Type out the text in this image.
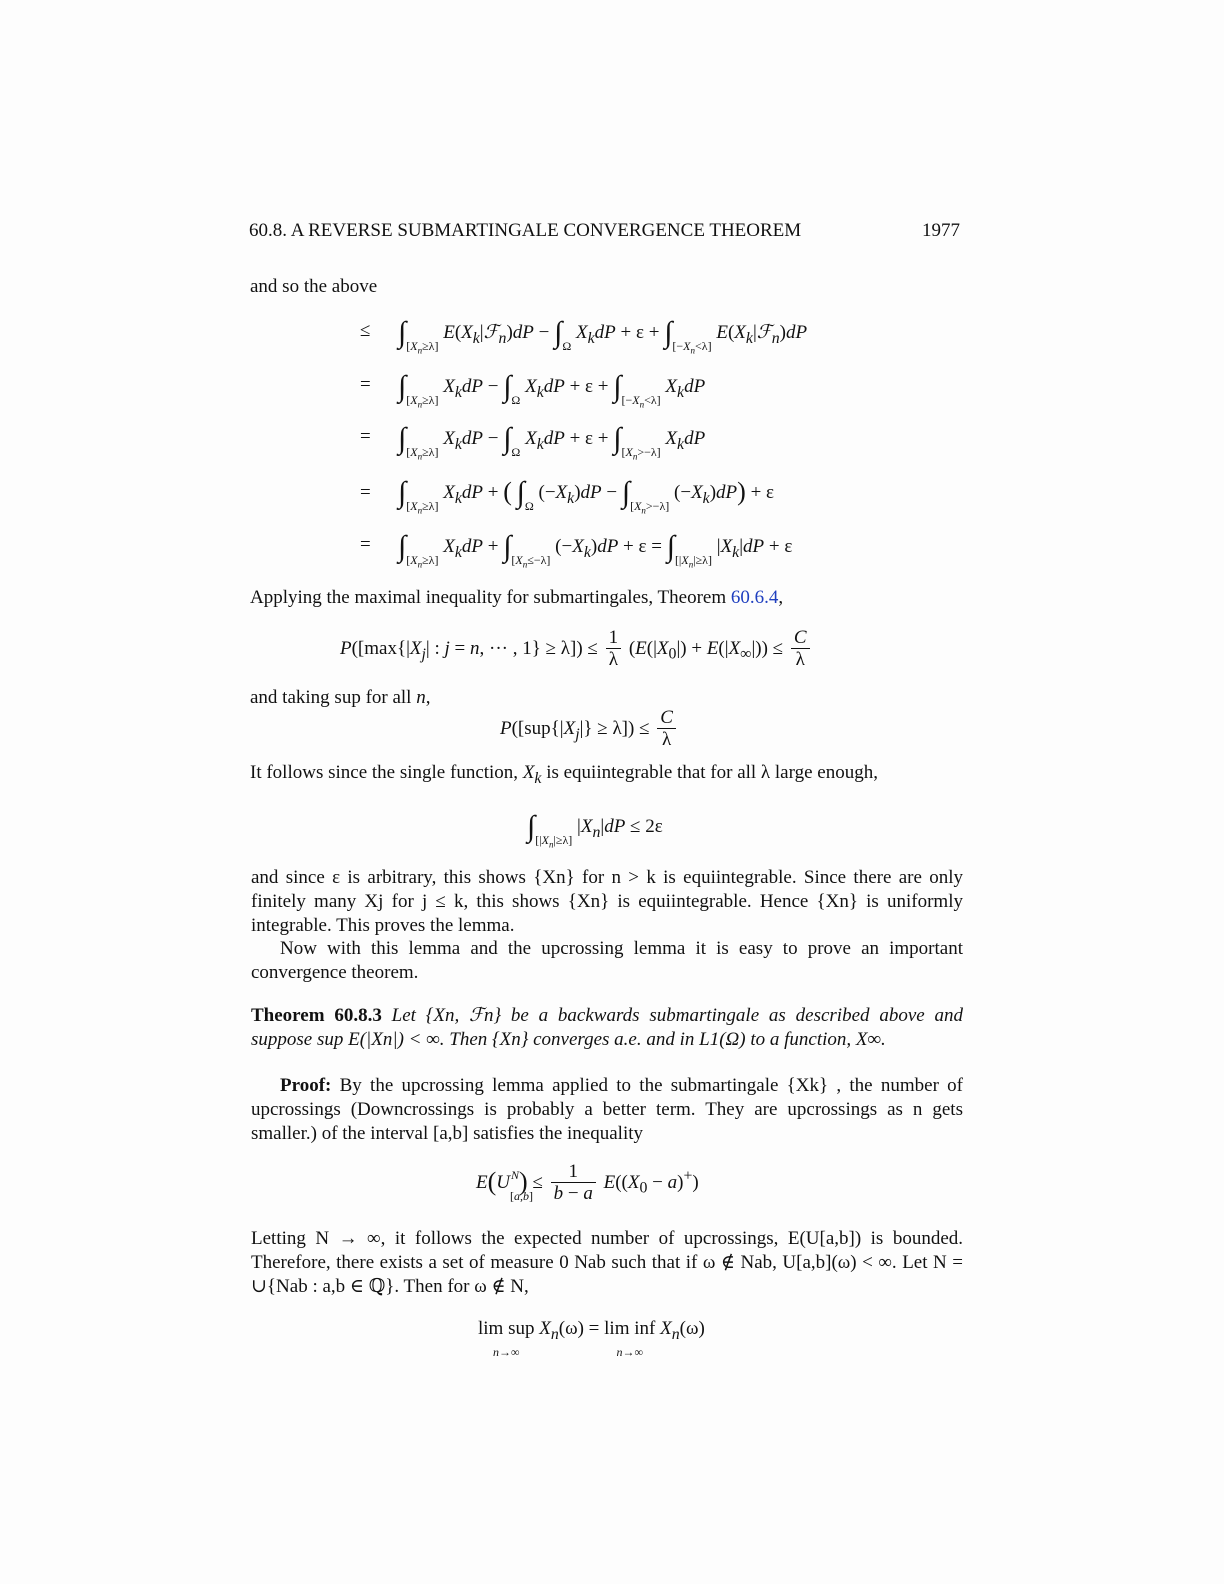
60.8. A REVERSE SUBMARTINGALE CONVERGENCE THEOREM	1977
and so the above
≤ $\int_{[X_n\ge\lambda]}$ $E(X_k|ℱ_n)dP - \int_\Omega$ $X_kdP + \varepsilon + \int_{[-X_n<\lambda]}$ $E(X_k|ℱ_n)dP$
= $\int_{[X_n\ge\lambda]}$ $X_kdP - \int_\Omega$ $X_kdP + \varepsilon + \int_{[-X_n<\lambda]}$ $X_kdP$
= $\int_{[X_n\ge\lambda]}$ $X_kdP - \int_\Omega$ $X_kdP + \varepsilon + \int_{[X_n>-\lambda]}$ $X_kdP$
= $\int_{[X_n\ge\lambda]}$ $X_kdP$ + ( $\int_\Omega$ $(-X_k)dP - \int_{[X_n>-\lambda]}$ $(-X_k)dP) + \varepsilon$
= $\int_{[X_n\ge\lambda]}$ $X_kdP + \int_{[X_n\le-\lambda]}$ $(-X_k)dP + \varepsilon = \int_{[|X_n|\ge\lambda]}$ $|X_k|dP + \varepsilon$
Applying the maximal inequality for submartingales, Theorem 60.6.4,
$P([\max\{|X_j|$ : j = n, ··· , $1\} \ge \lambda]) \le \frac{1}{\lambda} (E(|X_0|) + E(|X_\infty|)) \le \frac{C}{\lambda}$
and taking sup for all n,
$P([sup\{|X_j|\} \ge \lambda]) \le \frac{C}{\lambda}$
It follows since the single function, $X_k$ is equiintegrable that for all λ large enough,
$\int_{[|X_n|\ge\lambda]}$ $|X_n|dP \le 2\varepsilon$
and since ε is arbitrary, this shows {Xn} for n > k is equiintegrable. Since there are only finitely many Xj for j ≤ k, this shows {Xn} is equiintegrable. Hence {Xn} is uniformly integrable. This proves the lemma.
Now with this lemma and the upcrossing lemma it is easy to prove an important convergence theorem.
Theorem 60.8.3 Let {Xn, ℱn} be a backwards submartingale as described above and suppose sup E(|Xn|) < ∞. Then {Xn} converges a.e. and in L1(Ω) to a function, X∞.
Proof: By the upcrossing lemma applied to the submartingale {Xk} , the number of upcrossings (Downcrossings is probably a better term. They are upcrossings as n gets smaller.) of the interval [a,b] satisfies the inequality
$E(U_{[a,b]}^N) \le \frac{1}{b - a} E((X_0 - a)^+)$
Letting N → ∞, it follows the expected number of upcrossings, E(U[a,b]) is bounded. Therefore, there exists a set of measure 0 Nab such that if ω ∉ Nab, U[a,b](ω) < ∞. Let N = ∪{Nab : a,b ∈ ℚ}. Then for ω ∉ N,
lim sup
n→∞ $X_n(\omega) = \lim$ inf
n→∞ $X_n(\omega)$
